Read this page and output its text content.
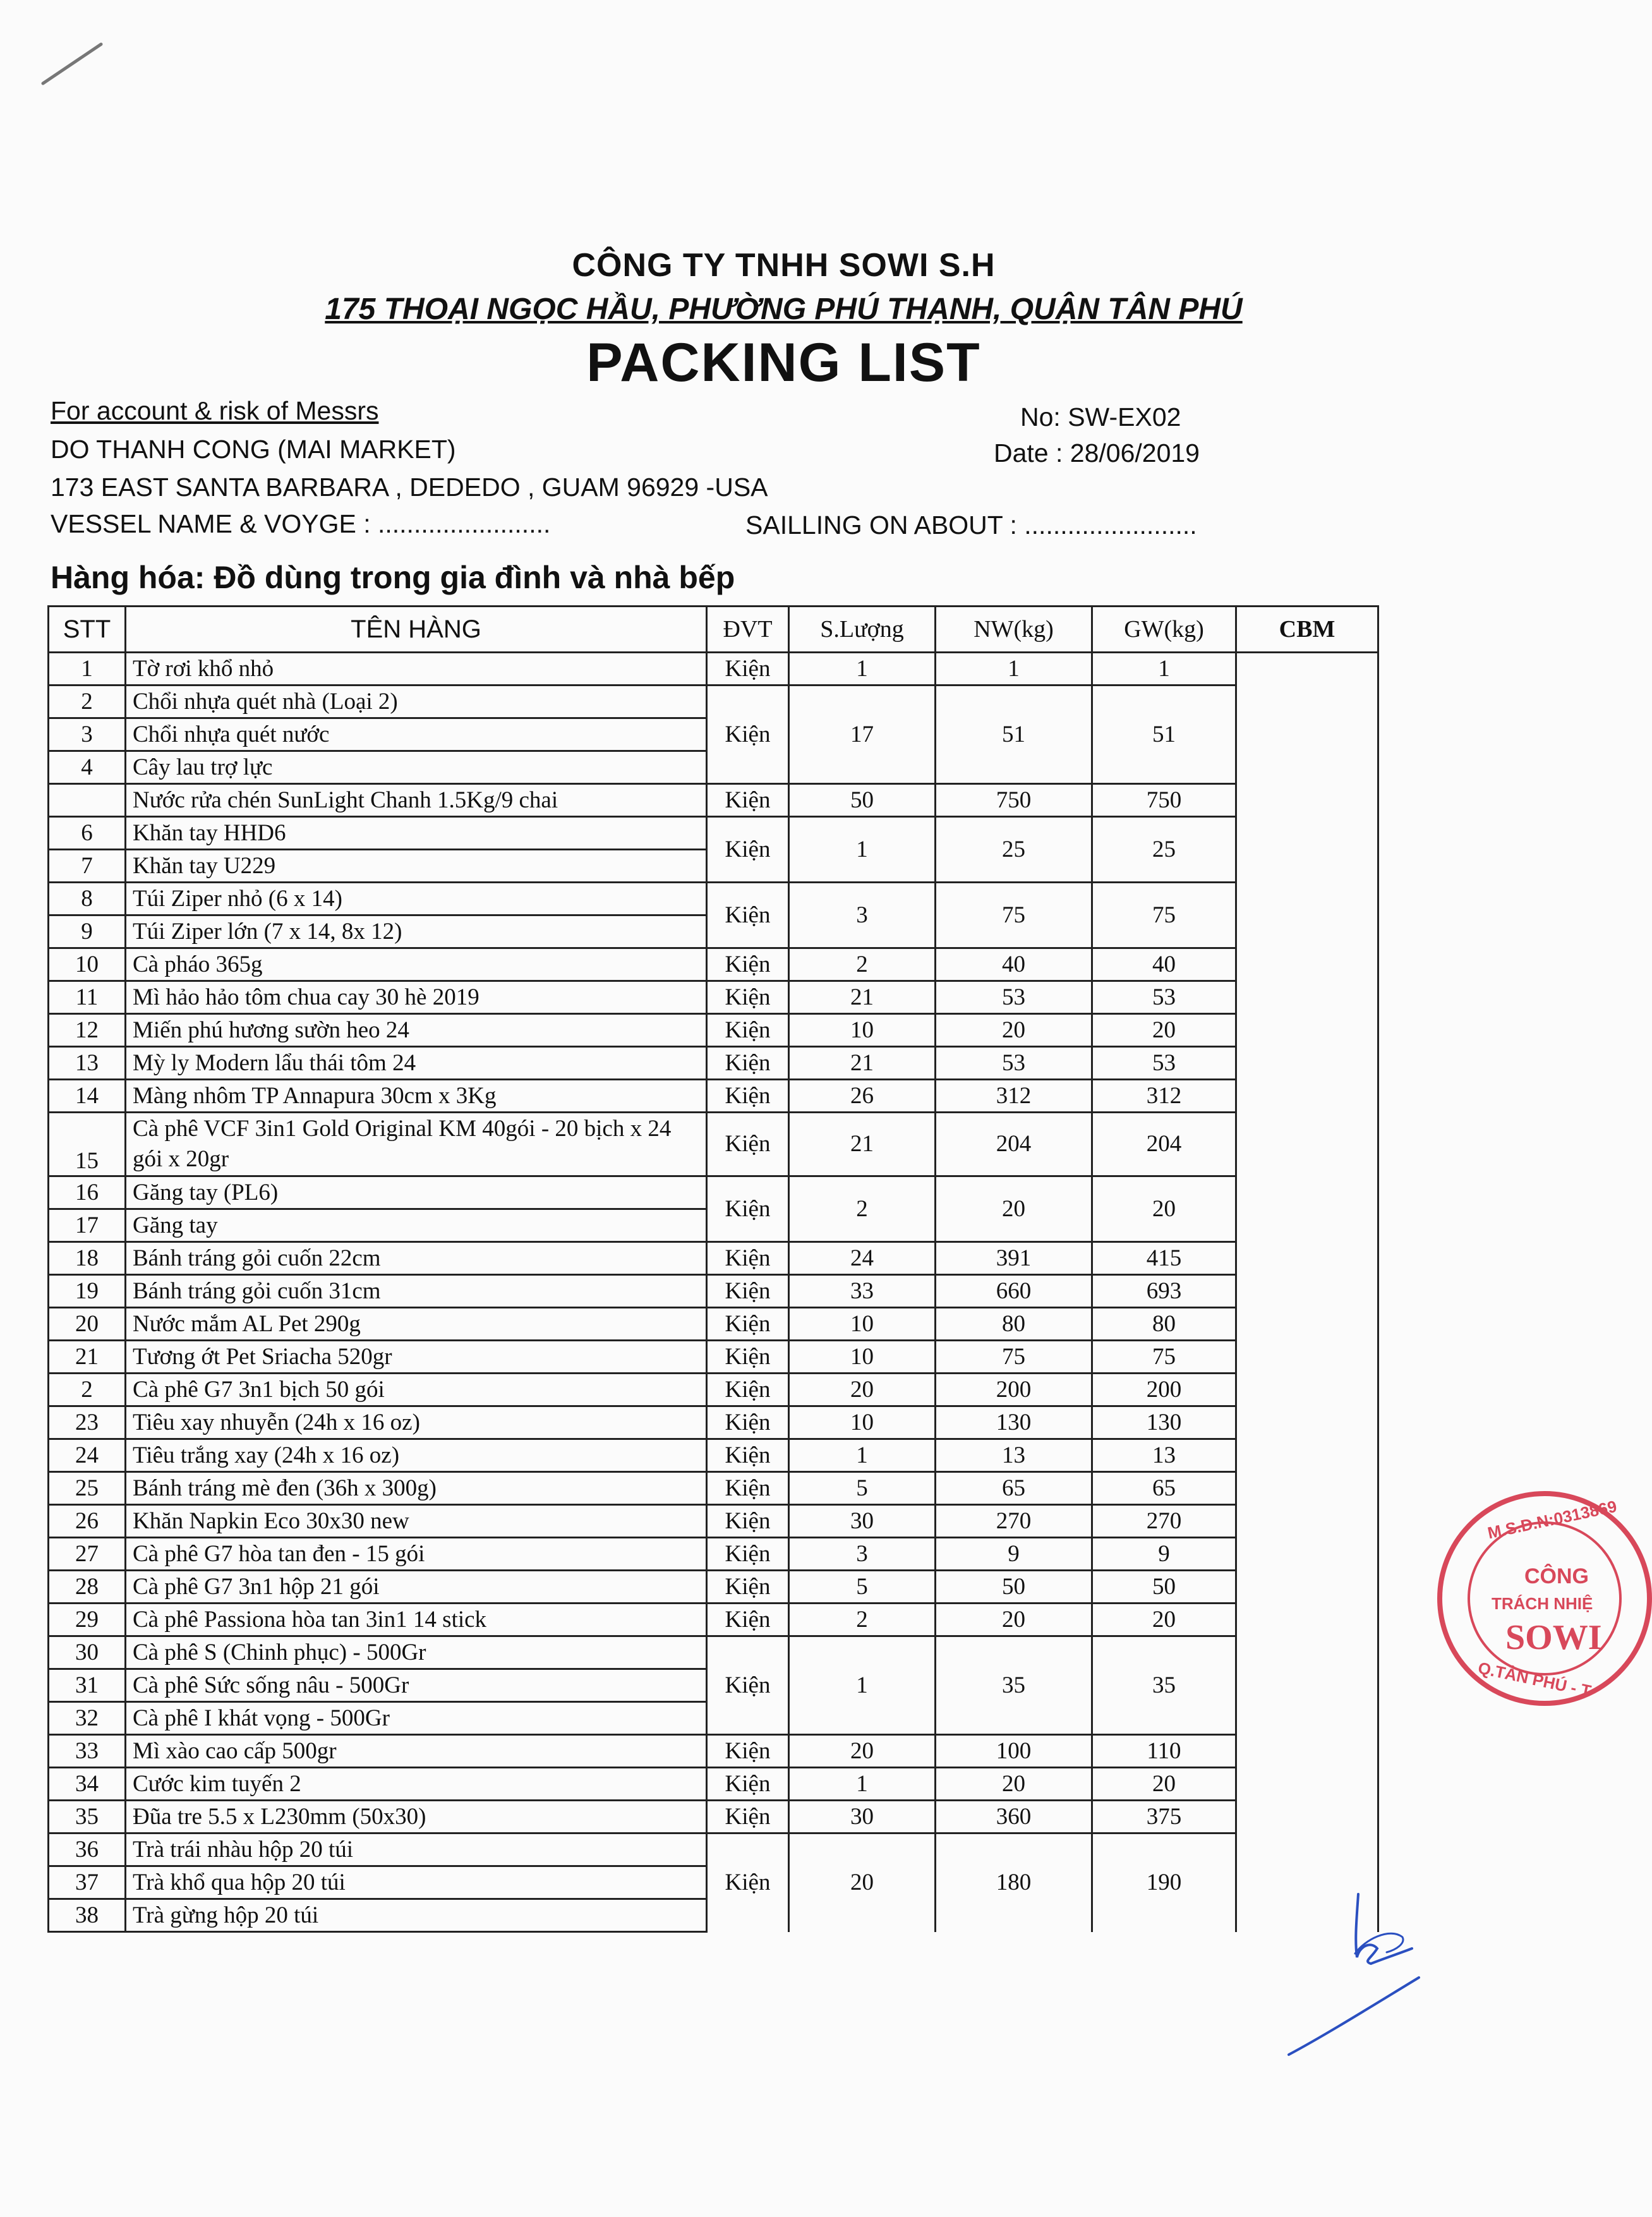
CÔNG TY TNHH SOWI S.H
175 THOẠI NGỌC HẦU, PHƯỜNG PHÚ THẠNH, QUẬN TÂN PHÚ
PACKING LIST
For account & risk of Messrs
DO THANH CONG (MAI MARKET)
173 EAST SANTA BARBARA , DEDEDO , GUAM 96929 -USA
VESSEL NAME & VOYGE : ........................
No: SW-EX02
Date : 28/06/2019
SAILLING ON ABOUT : ........................
Hàng hóa: Đồ dùng trong gia đình và nhà bếp
STT	TÊN HÀNG	ĐVT	S.Lượng	NW(kg)	GW(kg)	CBM
1	Tờ rơi khổ nhỏ	Kiện	1	1	1	
2	Chổi nhựa quét nhà (Loại 2)	Kiện	17	51	51	
3	Chổi nhựa quét nước					
4	Cây lau trợ lực					
	Nước rửa chén SunLight Chanh 1.5Kg/9 chai	Kiện	50	750	750	
6	Khăn tay HHD6	Kiện	1	25	25	
7	Khăn tay U229					
8	Túi Ziper nhỏ (6 x 14)	Kiện	3	75	75	
9	Túi Ziper lớn (7 x 14, 8x 12)					
10	Cà pháo 365g	Kiện	2	40	40	
11	Mì hảo hảo tôm chua cay 30 hè 2019	Kiện	21	53	53	
12	Miến phú hương sườn heo 24	Kiện	10	20	20	
13	Mỳ ly Modern lẩu thái tôm 24	Kiện	21	53	53	
14	Màng nhôm TP Annapura 30cm x 3Kg	Kiện	26	312	312	
15	Cà phê VCF 3in1 Gold Original KM 40gói - 20 bịch x 24 gói x 20gr	Kiện	21	204	204	
16	Găng tay (PL6)	Kiện	2	20	20	
17	Găng tay					
18	Bánh tráng gỏi cuốn 22cm	Kiện	24	391	415	
19	Bánh tráng gỏi cuốn 31cm	Kiện	33	660	693	
20	Nước mắm AL Pet 290g	Kiện	10	80	80	
21	Tương ớt Pet Sriacha 520gr	Kiện	10	75	75	
2	Cà phê G7 3n1 bịch 50 gói	Kiện	20	200	200	
23	Tiêu xay nhuyễn (24h x 16 oz)	Kiện	10	130	130	
24	Tiêu trắng xay (24h x 16 oz)	Kiện	1	13	13	
25	Bánh tráng mè đen (36h x 300g)	Kiện	5	65	65	
26	Khăn Napkin Eco 30x30 new	Kiện	30	270	270	
27	Cà phê G7 hòa tan đen - 15 gói	Kiện	3	9	9	
28	Cà phê G7 3n1 hộp 21 gói	Kiện	5	50	50	
29	Cà phê Passiona hòa tan 3in1 14 stick	Kiện	2	20	20	
30	Cà phê S (Chinh phục) - 500Gr	Kiện	1	35	35	
31	Cà phê Sức sống nâu - 500Gr					
32	Cà phê I khát vọng - 500Gr					
33	Mì xào cao cấp 500gr	Kiện	20	100	110	
34	Cước kim tuyến 2	Kiện	1	20	20	
35	Đũa tre 5.5 x L230mm (50x30)	Kiện	30	360	375	
36	Trà trái nhàu hộp 20 túi	Kiện	20	180	190	
37	Trà khổ qua hộp 20 túi					
38	Trà gừng hộp 20 túi					
M.S.D.N:0313869
CÔNG
TRÁCH NHIỆ
SOWI
Q.TÂN PHÚ - T
